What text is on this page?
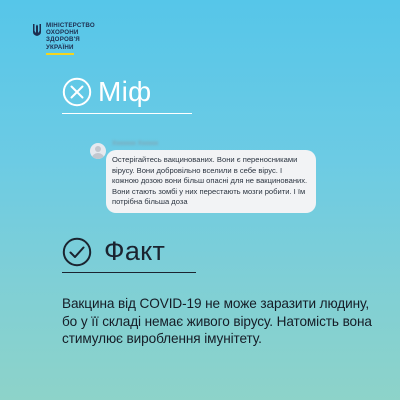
МІНІСТЕРСТВО
ОХОРОНИ
ЗДОРОВ'Я
УКРАЇНИ
Міф
Ххххххх Хххххх
Остерігайтесь вакцинованих. Вони є переносниками вірусу. Вони добровільно вселили в себе вірус. І кожною дозою вони більш опасні для не вакцинованих. Вони стають зомбі у них перестають мозги робити. І їм потрібна більша доза
Факт
Вакцина від COVID-19 не може заразити людину, бо у її складі немає живого вірусу. Натомість вона стимулює вироблення імунітету.
